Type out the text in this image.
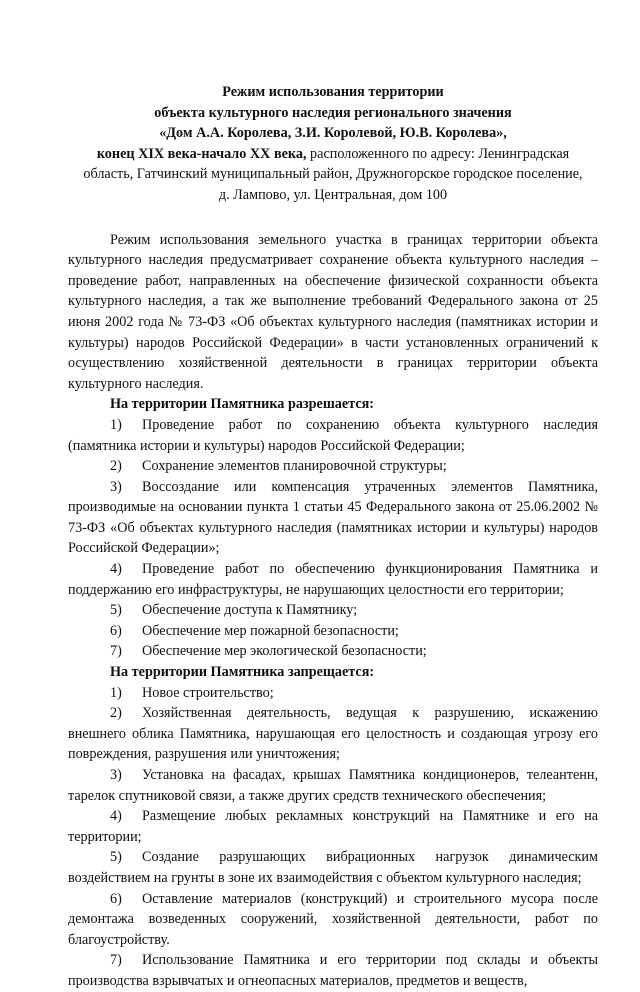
Режим использования территории
объекта культурного наследия регионального значения
«Дом А.А. Королева, З.И. Королевой, Ю.В. Королева»,
конец XIX века-начало XX века, расположенного по адресу: Ленинградская
область, Гатчинский муниципальный район, Дружногорское городское поселение,
д. Лампово, ул. Центральная, дом 100

Режим использования земельного участка в границах территории объекта культурного наследия предусматривает сохранение объекта культурного наследия – проведение работ, направленных на обеспечение физической сохранности объекта культурного наследия, а так же выполнение требований Федерального закона от 25 июня 2002 года № 73-ФЗ «Об объектах культурного наследия (памятниках истории и культуры) народов Российской Федерации» в части установленных ограничений к осуществлению хозяйственной деятельности в границах территории объекта культурного наследия.

На территории Памятника разрешается:

1) Проведение работ по сохранению объекта культурного наследия (памятника истории и культуры) народов Российской Федерации;

2) Сохранение элементов планировочной структуры;

3) Воссоздание или компенсация утраченных элементов Памятника, производимые на основании пункта 1 статьи 45 Федерального закона от 25.06.2002 № 73-ФЗ «Об объектах культурного наследия (памятниках истории и культуры) народов Российской Федерации»;

4) Проведение работ по обеспечению функционирования Памятника и поддержанию его инфраструктуры, не нарушающих целостности его территории;

5) Обеспечение доступа к Памятнику;

6) Обеспечение мер пожарной безопасности;

7) Обеспечение мер экологической безопасности;

На территории Памятника запрещается:

1) Новое строительство;

2) Хозяйственная деятельность, ведущая к разрушению, искажению внешнего облика Памятника, нарушающая его целостность и создающая угрозу его повреждения, разрушения или уничтожения;

3) Установка на фасадах, крышах Памятника кондиционеров, телеантенн, тарелок спутниковой связи, а также других средств технического обеспечения;

4) Размещение любых рекламных конструкций на Памятнике и его на территории;

5) Создание разрушающих вибрационных нагрузок динамическим воздействием на грунты в зоне их взаимодействия с объектом культурного наследия;

6) Оставление материалов (конструкций) и строительного мусора после демонтажа возведенных сооружений, хозяйственной деятельности, работ по благоустройству.

7) Использование Памятника и его территории под склады и объекты производства взрывчатых и огнеопасных материалов, предметов и веществ,
